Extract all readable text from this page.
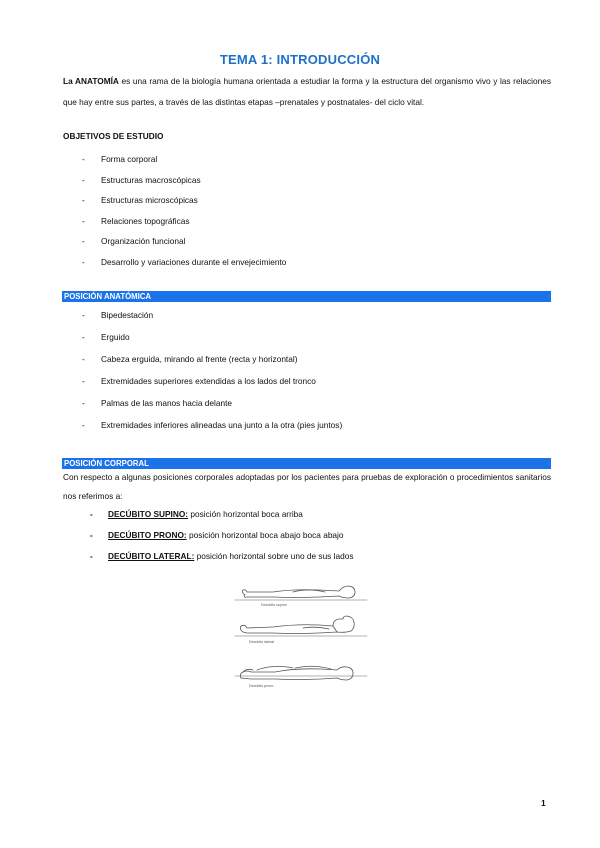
TEMA 1: INTRODUCCIÓN

La ANATOMÍA es una rama de la biología humana orientada a estudiar la forma y la estructura del organismo vivo y las relaciones que hay entre sus partes, a través de las distintas etapas –prenatales y postnatales- del ciclo vital.

OBJETIVOS DE ESTUDIO
- Forma corporal
- Estructuras macroscópicas
- Estructuras microscópicas
- Relaciones topográficas
- Organización funcional
- Desarrollo y variaciones durante el envejecimiento
POSICIÓN ANATÓMICA
- Bipedestación
- Erguido
- Cabeza erguida, mirando al frente (recta y horizontal)
- Extremidades superiores extendidas a los lados del tronco
- Palmas de las manos hacia delante
- Extremidades inferiores alineadas una junto a la otra (pies juntos)
POSICIÓN CORPORAL

Con respecto a algunas posiciones corporales adoptadas por los pacientes para pruebas de exploración o procedimientos sanitarios nos referimos a:

- DECÚBITO SUPINO: posición horizontal boca arriba
- DECÚBITO PRONO: posición horizontal boca abajo boca abajo
- DECÚBITO LATERAL: posición horizontal sobre uno de sus lados
Decúbito supino
Decúbito lateral
Decúbito prono
1
